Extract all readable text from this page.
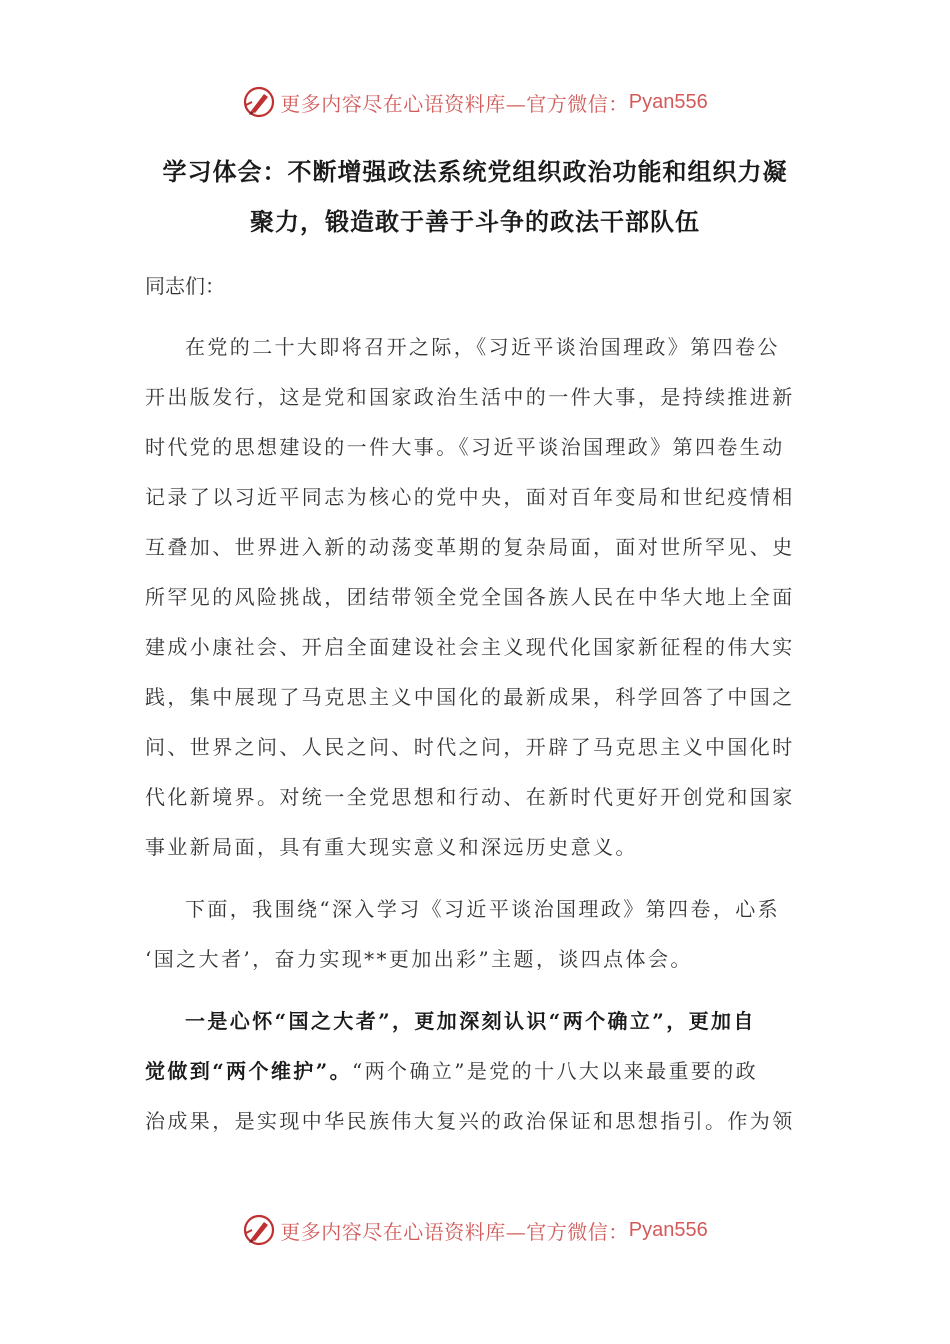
更多内容尽在心语资料库—官方微信： Pyan556
学习体会：不断增强政法系统党组织政治功能和组织力凝
聚力，锻造敢于善于斗争的政法干部队伍
同志们：
在党的二十大即将召开之际，《习近平谈治国理政》第四卷公
开出版发行，这是党和国家政治生活中的一件大事，是持续推进新
时代党的思想建设的一件大事。《习近平谈治国理政》第四卷生动
记录了以习近平同志为核心的党中央，面对百年变局和世纪疫情相
互叠加、世界进入新的动荡变革期的复杂局面，面对世所罕见、史
所罕见的风险挑战，团结带领全党全国各族人民在中华大地上全面
建成小康社会、开启全面建设社会主义现代化国家新征程的伟大实
践，集中展现了马克思主义中国化的最新成果，科学回答了中国之
问、世界之问、人民之问、时代之问，开辟了马克思主义中国化时
代化新境界。对统一全党思想和行动、在新时代更好开创党和国家
事业新局面，具有重大现实意义和深远历史意义。
下面，我围绕“深入学习《习近平谈治国理政》第四卷，心系
‘国之大者’，奋力实现**更加出彩”主题，谈四点体会。
一是心怀“国之大者”，更加深刻认识“两个确立”，更加自
觉做到“两个维护”。“两个确立”是党的十八大以来最重要的政
治成果，是实现中华民族伟大复兴的政治保证和思想指引。作为领
更多内容尽在心语资料库—官方微信： Pyan556
